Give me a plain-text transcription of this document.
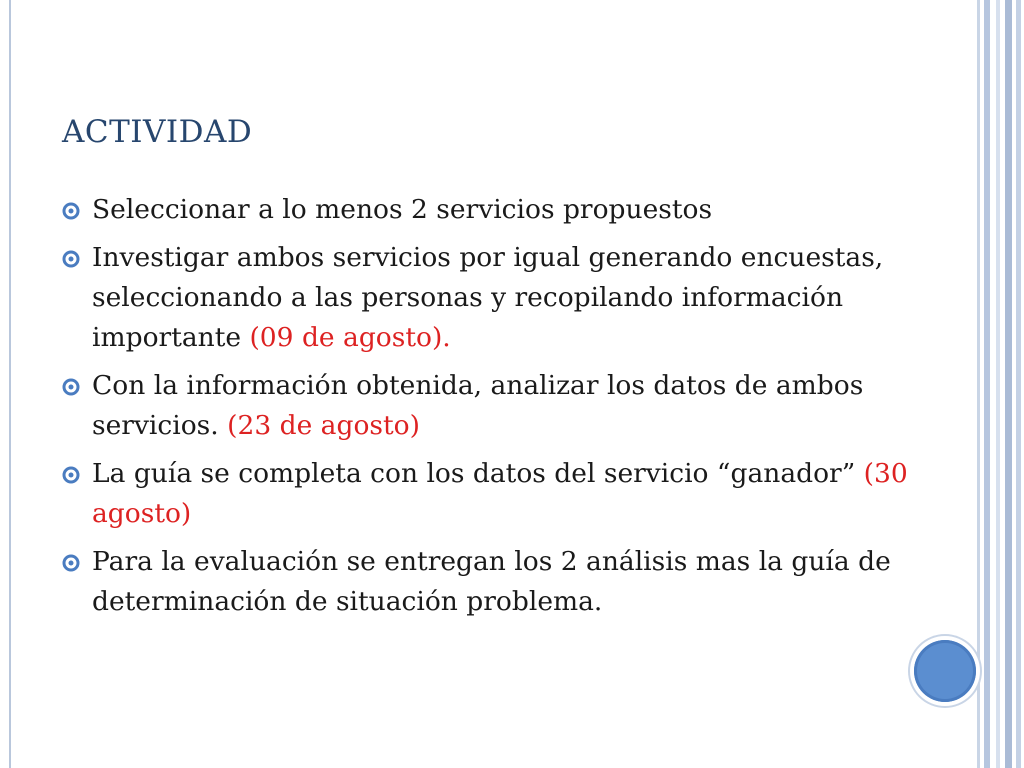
ACTIVIDAD
Seleccionar a lo menos 2 servicios propuestos
Investigar ambos servicios por igual generando encuestas, seleccionando a las personas y recopilando información importante (09 de agosto).
Con la información obtenida, analizar los datos de ambos servicios. (23 de agosto)
La guía se completa con los datos del servicio “ganador” (30 agosto)
Para la evaluación se entregan los 2 análisis mas la guía de determinación de situación problema.
